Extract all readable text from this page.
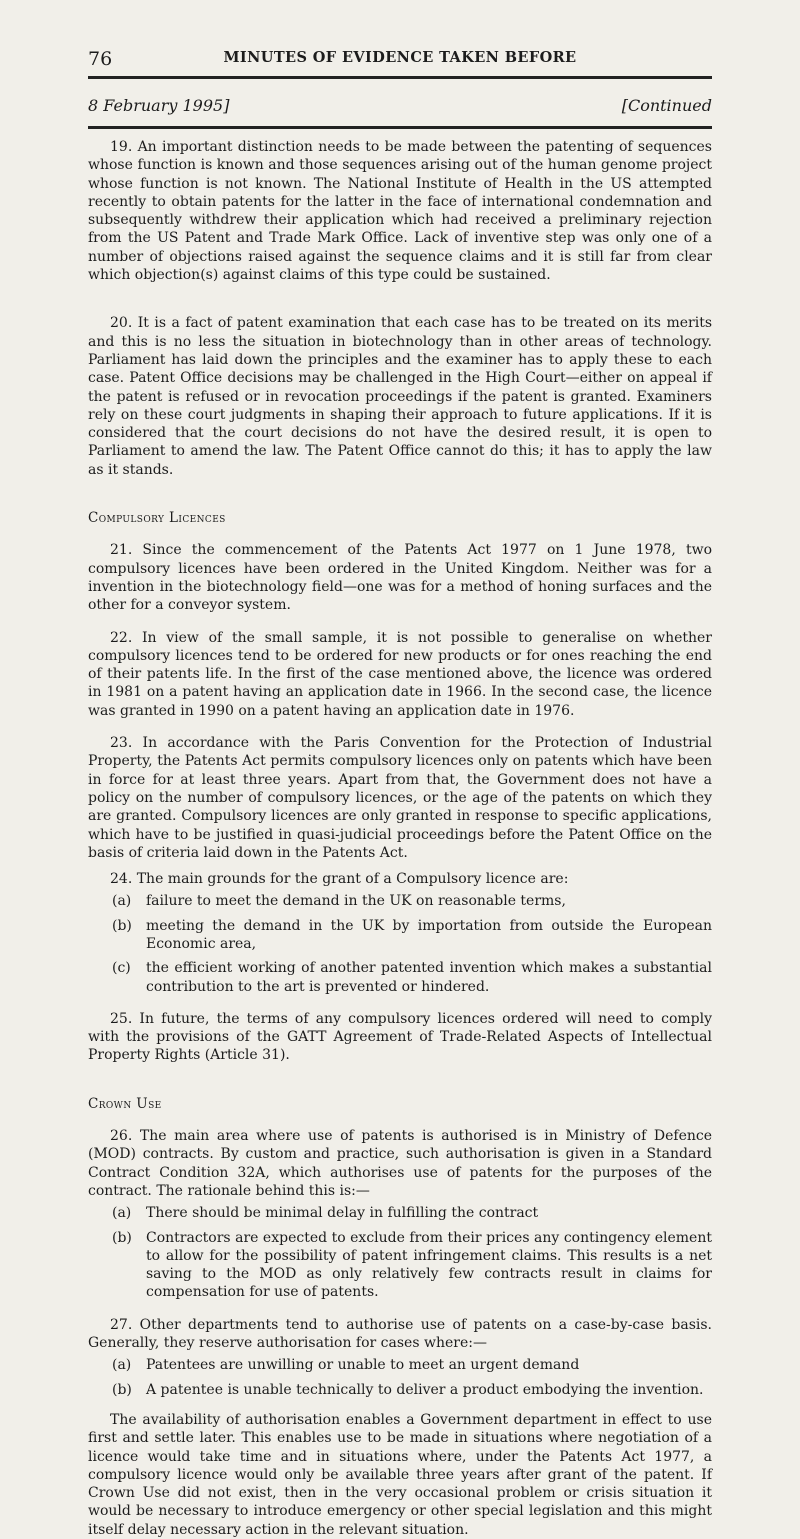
76	MINUTES OF EVIDENCE TAKEN BEFORE
8 February 1995]	[Continued

19. An important distinction needs to be made between the patenting of sequences whose function is known and those sequences arising out of the human genome project whose function is not known. The National Institute of Health in the US attempted recently to obtain patents for the latter in the face of international condemnation and subsequently withdrew their application which had received a preliminary rejection from the US Patent and Trade Mark Office. Lack of inventive step was only one of a number of objections raised against the sequence claims and it is still far from clear which objection(s) against claims of this type could be sustained.

20. It is a fact of patent examination that each case has to be treated on its merits and this is no less the situation in biotechnology than in other areas of technology. Parliament has laid down the principles and the examiner has to apply these to each case. Patent Office decisions may be challenged in the High Court—either on appeal if the patent is refused or in revocation proceedings if the patent is granted. Examiners rely on these court judgments in shaping their approach to future applications. If it is considered that the court decisions do not have the desired result, it is open to Parliament to amend the law. The Patent Office cannot do this; it has to apply the law as it stands.

Compulsory Licences

21. Since the commencement of the Patents Act 1977 on 1 June 1978, two compulsory licences have been ordered in the United Kingdom. Neither was for a invention in the biotechnology field—one was for a method of honing surfaces and the other for a conveyor system.

22. In view of the small sample, it is not possible to generalise on whether compulsory licences tend to be ordered for new products or for ones reaching the end of their patents life. In the first of the case mentioned above, the licence was ordered in 1981 on a patent having an application date in 1966. In the second case, the licence was granted in 1990 on a patent having an application date in 1976.

23. In accordance with the Paris Convention for the Protection of Industrial Property, the Patents Act permits compulsory licences only on patents which have been in force for at least three years. Apart from that, the Government does not have a policy on the number of compulsory licences, or the age of the patents on which they are granted. Compulsory licences are only granted in response to specific applications, which have to be justified in quasi-judicial proceedings before the Patent Office on the basis of criteria laid down in the Patents Act.

24. The main grounds for the grant of a Compulsory licence are:

(a) failure to meet the demand in the UK on reasonable terms,
(b) meeting the demand in the UK by importation from outside the European Economic area,
(c) the efficient working of another patented invention which makes a substantial contribution to the art is prevented or hindered.

25. In future, the terms of any compulsory licences ordered will need to comply with the provisions of the GATT Agreement of Trade-Related Aspects of Intellectual Property Rights (Article 31).

Crown Use

26. The main area where use of patents is authorised is in Ministry of Defence (MOD) contracts. By custom and practice, such authorisation is given in a Standard Contract Condition 32A, which authorises use of patents for the purposes of the contract. The rationale behind this is:—

(a) There should be minimal delay in fulfilling the contract
(b) Contractors are expected to exclude from their prices any contingency element to allow for the possibility of patent infringement claims. This results is a net saving to the MOD as only relatively few contracts result in claims for compensation for use of patents.

27. Other departments tend to authorise use of patents on a case-by-case basis. Generally, they reserve authorisation for cases where:—

(a) Patentees are unwilling or unable to meet an urgent demand
(b) A patentee is unable technically to deliver a product embodying the invention.

The availability of authorisation enables a Government department in effect to use first and settle later. This enables use to be made in situations where negotiation of a licence would take time and in situations where, under the Patents Act 1977, a compulsory licence would only be available three years after grant of the patent. If Crown Use did not exist, then in the very occasional problem or crisis situation it would be necessary to introduce emergency or other special legislation and this might itself delay necessary action in the relevant situation.
